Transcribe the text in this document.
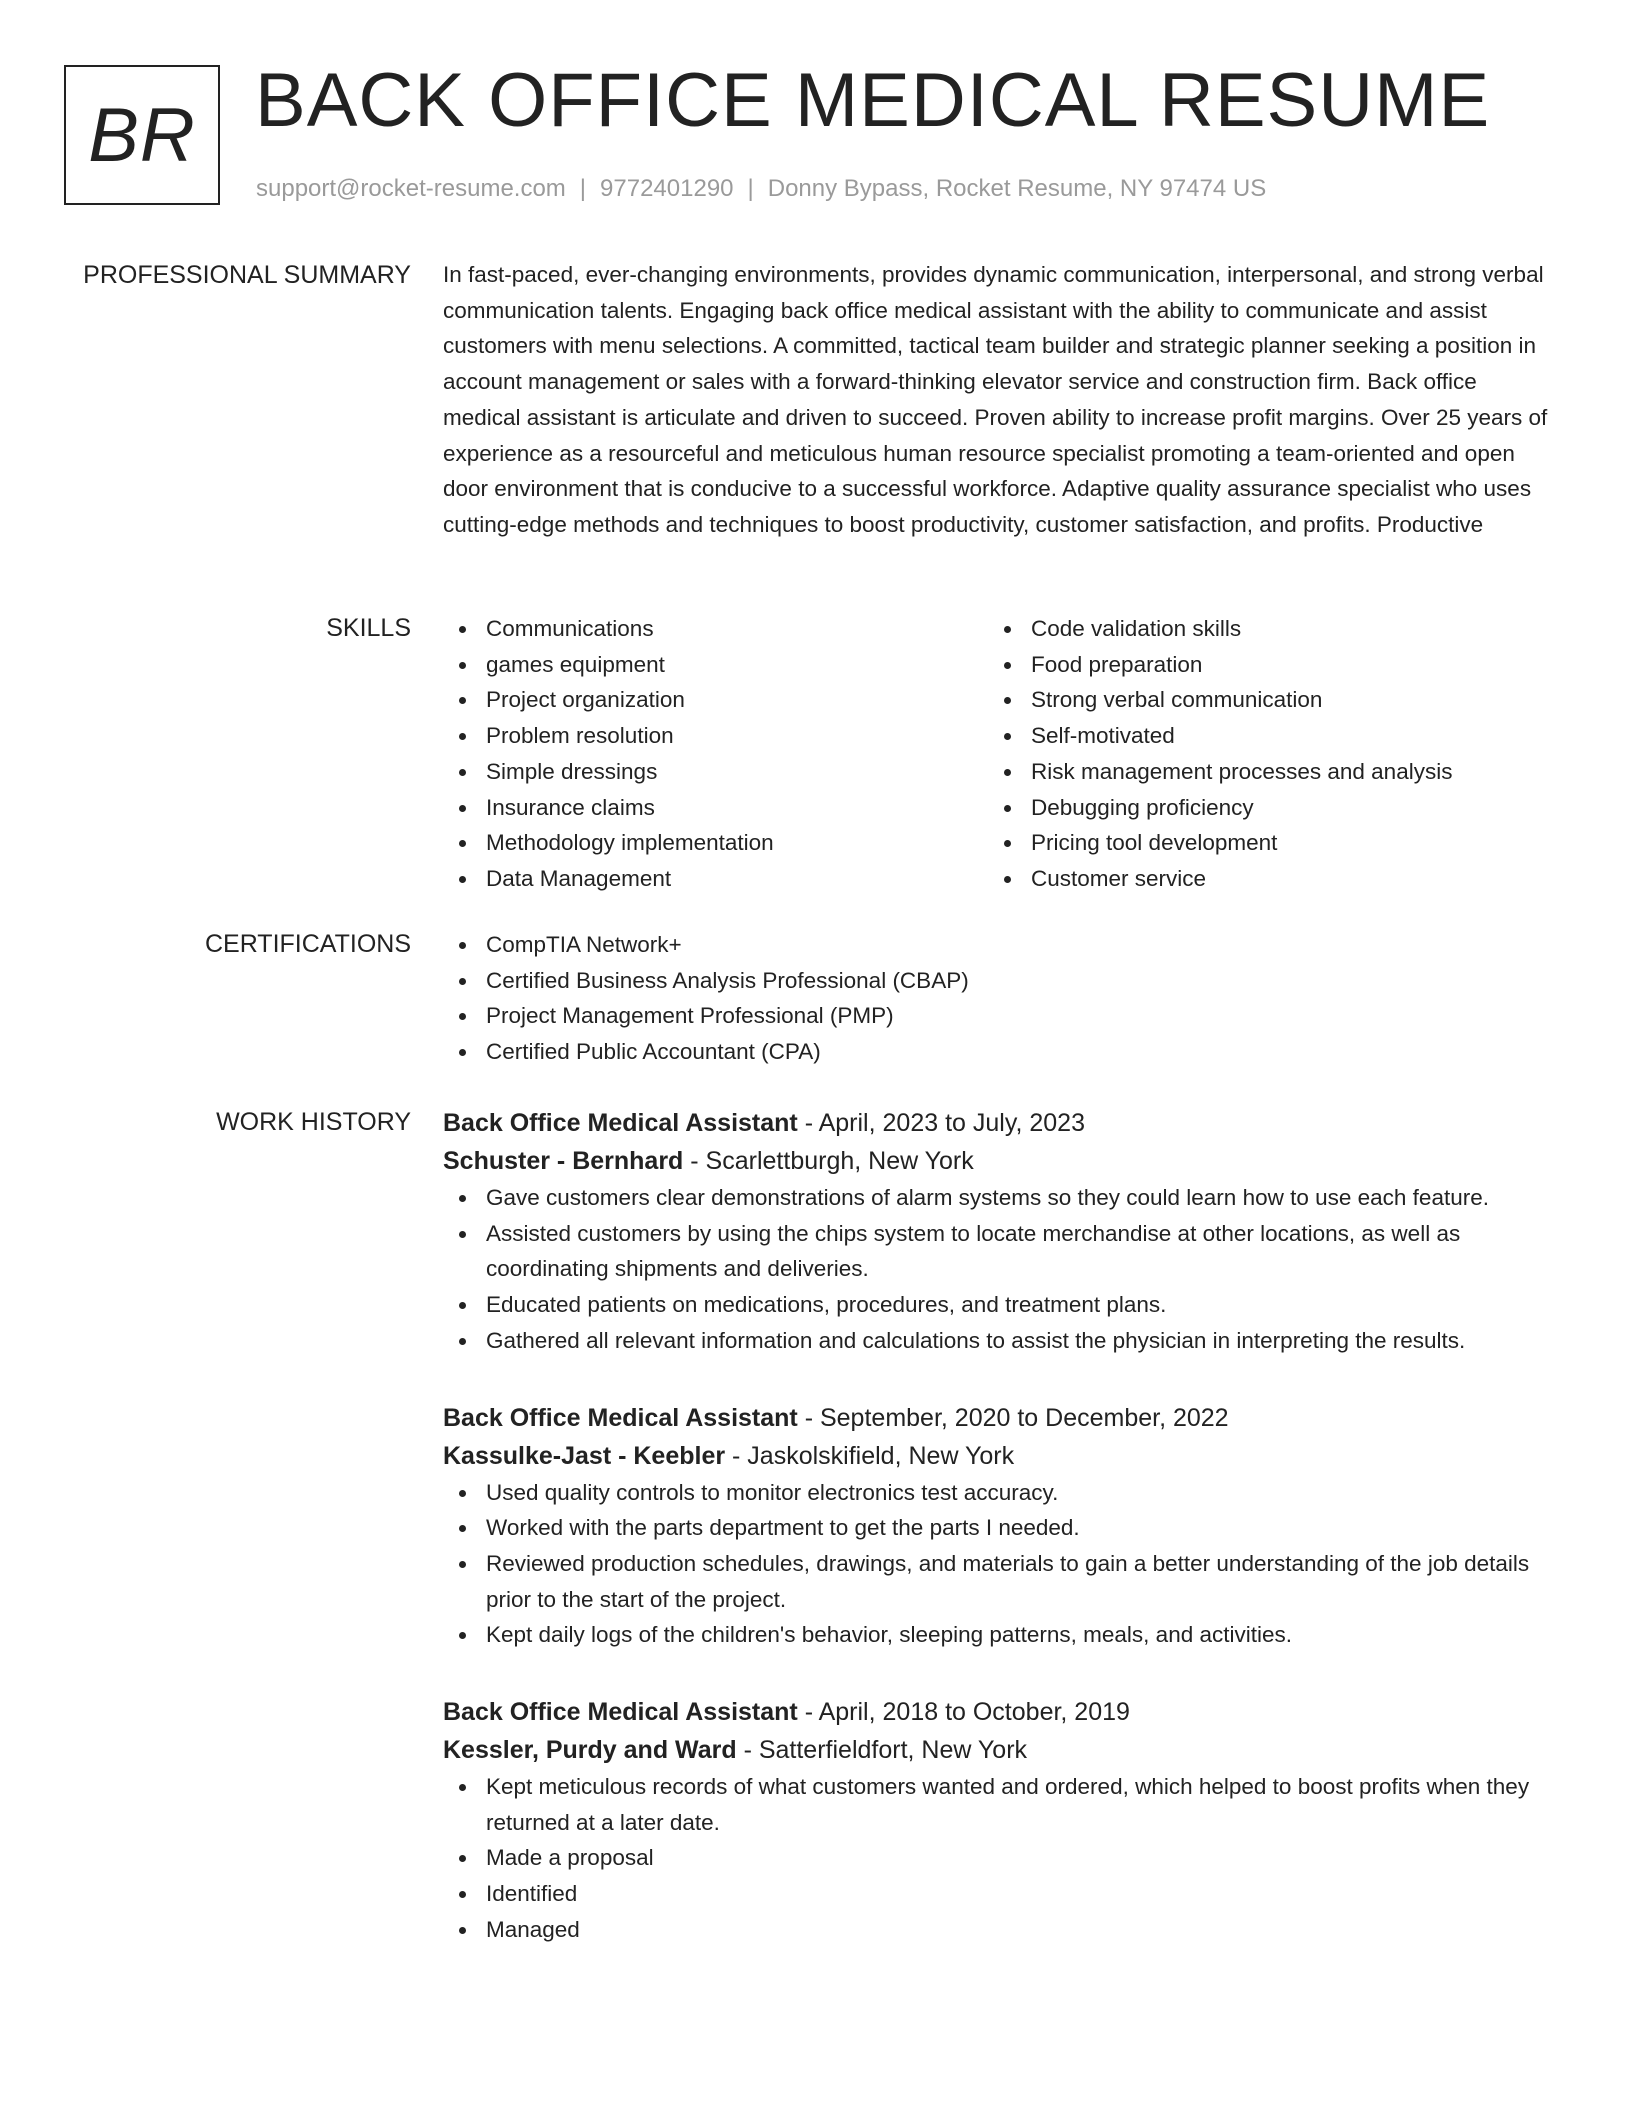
BR BACK OFFICE MEDICAL RESUME
support@rocket-resume.com | 9772401290 | Donny Bypass, Rocket Resume, NY 97474 US
PROFESSIONAL SUMMARY In fast-paced, ever-changing environments, provides dynamic communication, interpersonal, and strong verbal communication talents. Engaging back office medical assistant with the ability to communicate and assist customers with menu selections. A committed, tactical team builder and strategic planner seeking a position in account management or sales with a forward-thinking elevator service and construction firm. Back office medical assistant is articulate and driven to succeed. Proven ability to increase profit margins. Over 25 years of experience as a resourceful and meticulous human resource specialist promoting a team-oriented and open door environment that is conducive to a successful workforce. Adaptive quality assurance specialist who uses cutting-edge methods and techniques to boost productivity, customer satisfaction, and profits. Productive

SKILLS	Communications
games equipment
Project organization
Problem resolution
Simple dressings
Insurance claims
Methodology implementation
Data Management
Code validation skills
Food preparation
Strong verbal communication
Self-motivated
Risk management processes and analysis
Debugging proficiency
Pricing tool development
Customer service
CERTIFICATIONS	CompTIA Network+
Certified Business Analysis Professional (CBAP)
Project Management Professional (PMP)
Certified Public Accountant (CPA)
WORK HISTORY Back Office Medical Assistant - April, 2023 to July, 2023
Schuster - Bernhard - Scarlettburgh, New York
Gave customers clear demonstrations of alarm systems so they could learn how to use each feature.
Assisted customers by using the chips system to locate merchandise at other locations, as well as coordinating shipments and deliveries.
Educated patients on medications, procedures, and treatment plans.
Gathered all relevant information and calculations to assist the physician in interpreting the results.
Back Office Medical Assistant - September, 2020 to December, 2022
Kassulke-Jast - Keebler - Jaskolskifield, New York
Used quality controls to monitor electronics test accuracy.
Worked with the parts department to get the parts I needed.
Reviewed production schedules, drawings, and materials to gain a better understanding of the job details prior to the start of the project.
Kept daily logs of the children's behavior, sleeping patterns, meals, and activities.
Back Office Medical Assistant - April, 2018 to October, 2019
Kessler, Purdy and Ward - Satterfieldfort, New York
Kept meticulous records of what customers wanted and ordered, which helped to boost profits when they returned at a later date.
Made a proposal
Identified
Managed
